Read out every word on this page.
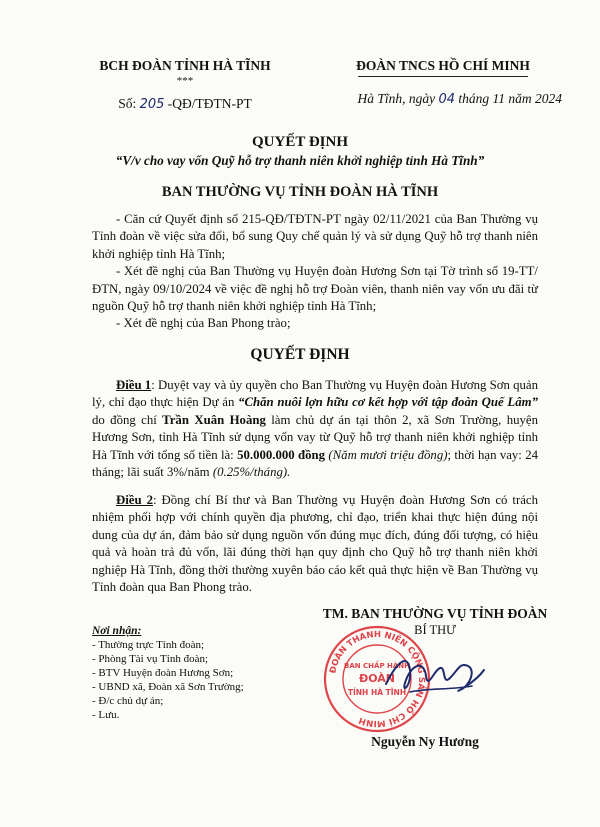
BCH ĐOÀN TỈNH HÀ TĨNH
***
Số: 205 -QĐ/TĐTN-PT
ĐOÀN TNCS HỒ CHÍ MINH
Hà Tĩnh, ngày 04 tháng 11 năm 2024
QUYẾT ĐỊNH
“V/v cho vay vốn Quỹ hỗ trợ thanh niên khởi nghiệp tỉnh Hà Tĩnh”
BAN THƯỜNG VỤ TỈNH ĐOÀN HÀ TĨNH
- Căn cứ Quyết định số 215-QĐ/TĐTN-PT ngày 02/11/2021 của Ban Thường vụ Tỉnh đoàn về việc sửa đổi, bổ sung Quy chế quản lý và sử dụng Quỹ hỗ trợ thanh niên khởi nghiệp tỉnh Hà Tĩnh;
- Xét đề nghị của Ban Thường vụ Huyện đoàn Hương Sơn tại Tờ trình số 19-TT/ĐTN, ngày 09/10/2024 về việc đề nghị hỗ trợ Đoàn viên, thanh niên vay vốn ưu đãi từ nguồn Quỹ hỗ trợ thanh niên khởi nghiệp tỉnh Hà Tĩnh;
- Xét đề nghị của Ban Phong trào;
QUYẾT ĐỊNH
Điều 1: Duyệt vay và ủy quyền cho Ban Thường vụ Huyện đoàn Hương Sơn quản lý, chỉ đạo thực hiện Dự án “Chăn nuôi lợn hữu cơ kết hợp với tập đoàn Quế Lâm” do đồng chí Trần Xuân Hoàng làm chủ dự án tại thôn 2, xã Sơn Trường, huyện Hương Sơn, tỉnh Hà Tĩnh sử dụng vốn vay từ Quỹ hỗ trợ thanh niên khởi nghiệp tỉnh Hà Tĩnh với tổng số tiền là: 50.000.000 đồng (Năm mươi triệu đồng); thời hạn vay: 24 tháng; lãi suất 3%/năm (0.25%/tháng).
Điều 2: Đồng chí Bí thư và Ban Thường vụ Huyện đoàn Hương Sơn có trách nhiệm phối hợp với chính quyền địa phương, chỉ đạo, triển khai thực hiện đúng nội dung của dự án, đảm bảo sử dụng nguồn vốn đúng mục đích, đúng đối tượng, có hiệu quả và hoàn trả đủ vốn, lãi đúng thời hạn quy định cho Quỹ hỗ trợ thanh niên khởi nghiệp Hà Tĩnh, đồng thời thường xuyên báo cáo kết quả thực hiện về Ban Thường vụ Tỉnh đoàn qua Ban Phong trào.
Nơi nhận:
- Thường trực Tỉnh đoàn;
- Phòng Tài vụ Tỉnh đoàn;
- BTV Huyện đoàn Hương Sơn;
- UBND xã, Đoàn xã Sơn Trường;
- Đ/c chủ dự án;
- Lưu.
TM. BAN THƯỜNG VỤ TỈNH ĐOÀN
BÍ THƯ
ĐOÀN THANH NIÊN CỘNG SẢN HỒ CHÍ MINH
BAN CHẤP HÀNH
ĐOÀN
TỈNH HÀ TĨNH
Nguyễn Ny Hương
